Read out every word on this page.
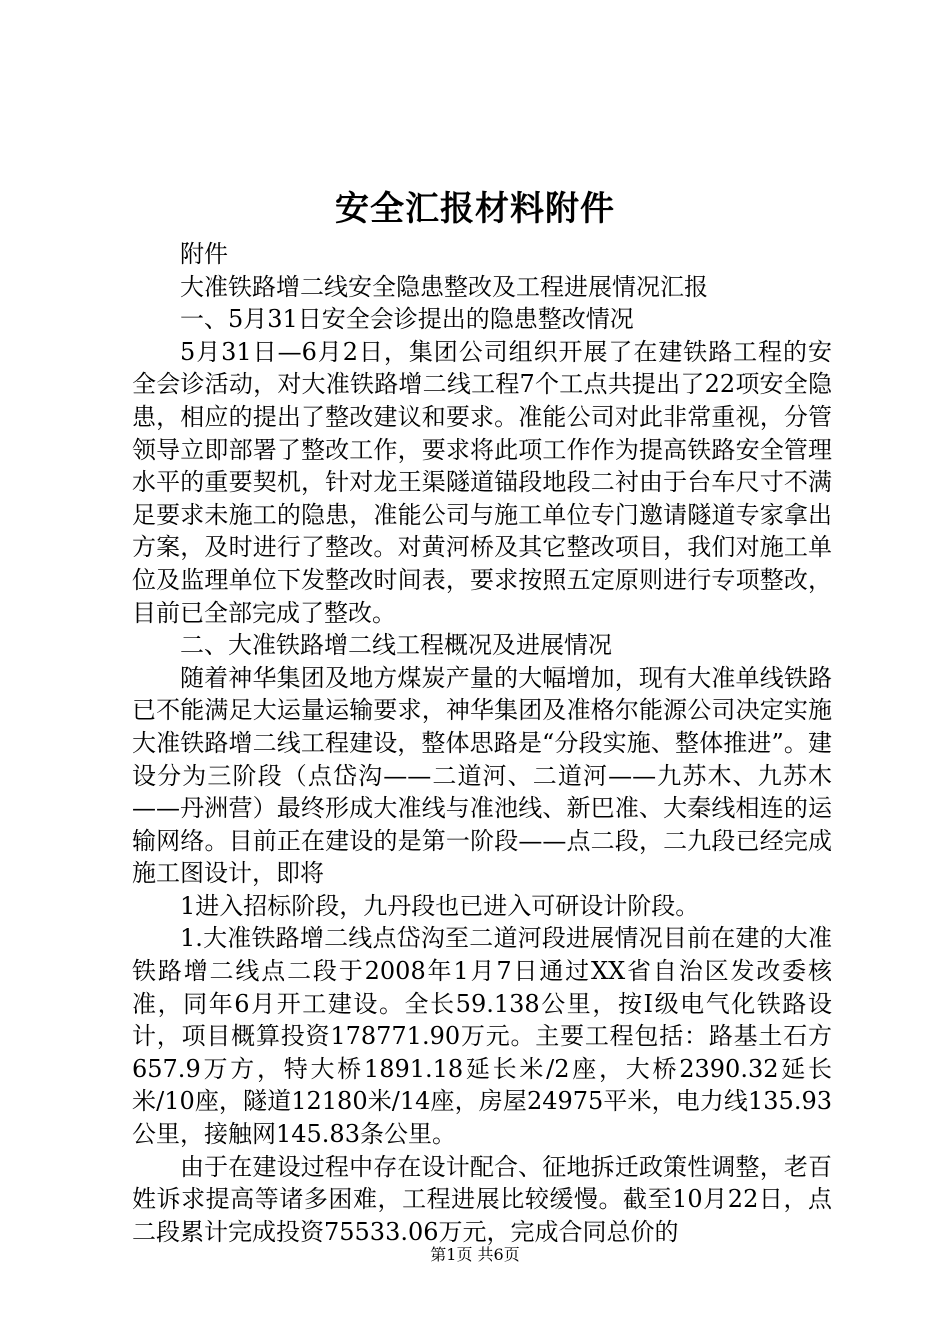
安全汇报材料附件

附件

大准铁路增二线安全隐患整改及工程进展情况汇报

一、5月31日安全会诊提出的隐患整改情况

5月31日—6月2日，集团公司组织开展了在建铁路工程的安全会诊活动，对大准铁路增二线工程7个工点共提出了22项安全隐患，相应的提出了整改建议和要求。准能公司对此非常重视，分管领导立即部署了整改工作，要求将此项工作作为提高铁路安全管理水平的重要契机，针对龙王渠隧道锚段地段二衬由于台车尺寸不满足要求未施工的隐患，准能公司与施工单位专门邀请隧道专家拿出方案，及时进行了整改。对黄河桥及其它整改项目，我们对施工单位及监理单位下发整改时间表，要求按照五定原则进行专项整改，目前已全部完成了整改。

二、大准铁路增二线工程概况及进展情况

随着神华集团及地方煤炭产量的大幅增加，现有大准单线铁路已不能满足大运量运输要求，神华集团及准格尔能源公司决定实施大准铁路增二线工程建设，整体思路是“分段实施、整体推进”。建设分为三阶段（点岱沟——二道河、二道河——九苏木、九苏木——丹洲营）最终形成大准线与准池线、新巴准、大秦线相连的运输网络。目前正在建设的是第一阶段——点二段，二九段已经完成施工图设计，即将

1进入招标阶段，九丹段也已进入可研设计阶段。

1.大准铁路增二线点岱沟至二道河段进展情况目前在建的大准铁路增二线点二段于2008年1月7日通过XX省自治区发改委核准，同年6月开工建设。全长59.138公里，按Ⅰ级电气化铁路设计，项目概算投资178771.90万元。主要工程包括：路基土石方657.9万方，特大桥1891.18延长米/2座，大桥2390.32延长米/10座，隧道12180米/14座，房屋24975平米，电力线135.93公里，接触网145.83条公里。

由于在建设过程中存在设计配合、征地拆迁政策性调整，老百姓诉求提高等诸多困难，工程进展比较缓慢。截至10月22日，点二段累计完成投资75533.06万元，完成合同总价的

第1页 共6页
